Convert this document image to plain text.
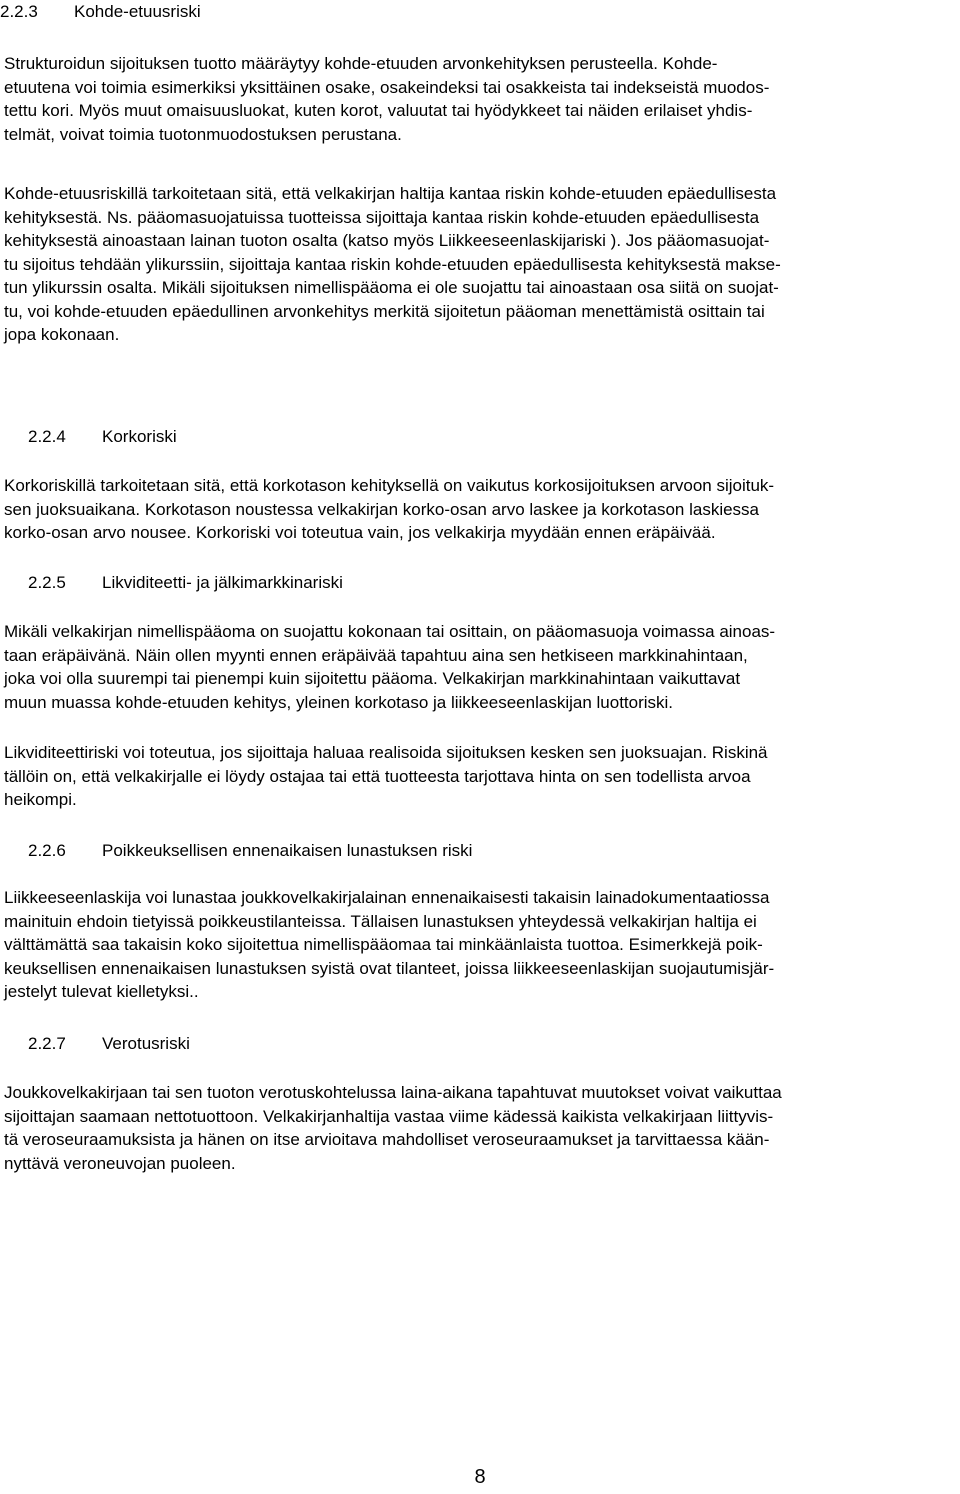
2.2.3 Kohde-etuusriski

Strukturoidun sijoituksen tuotto määräytyy kohde-etuuden arvonkehityksen perusteella. Kohde-
etuutena voi toimia esimerkiksi yksittäinen osake, osakeindeksi tai osakkeista tai indekseistä muodos-
tettu kori. Myös muut omaisuusluokat, kuten korot, valuutat tai hyödykkeet tai näiden erilaiset yhdis-
telmät, voivat toimia tuotonmuodostuksen perustana.

Kohde-etuusriskillä tarkoitetaan sitä, että velkakirjan haltija kantaa riskin kohde-etuuden epäedullisesta
kehityksestä. Ns. pääomasuojatuissa tuotteissa sijoittaja kantaa riskin kohde-etuuden epäedullisesta
kehityksestä ainoastaan lainan tuoton osalta (katso myös Liikkeeseenlaskijariski ). Jos pääomasuojat-
tu sijoitus tehdään ylikurssiin, sijoittaja kantaa riskin kohde-etuuden epäedullisesta kehityksestä makse-
tun ylikurssin osalta. Mikäli sijoituksen nimellispääoma ei ole suojattu tai ainoastaan osa siitä on suojat-
tu, voi kohde-etuuden epäedullinen arvonkehitys merkitä sijoitetun pääoman menettämistä osittain tai
jopa kokonaan.

2.2.4 Korkoriski

Korkoriskillä tarkoitetaan sitä, että korkotason kehityksellä on vaikutus korkosijoituksen arvoon sijoituk-
sen juoksuaikana. Korkotason noustessa velkakirjan korko-osan arvo laskee ja korkotason laskiessa
korko-osan arvo nousee. Korkoriski voi toteutua vain, jos velkakirja myydään ennen eräpäivää.

2.2.5 Likviditeetti- ja jälkimarkkinariski

Mikäli velkakirjan nimellispääoma on suojattu kokonaan tai osittain, on pääomasuoja voimassa ainoas-
taan eräpäivänä. Näin ollen myynti ennen eräpäivää tapahtuu aina sen hetkiseen markkinahintaan,
joka voi olla suurempi tai pienempi kuin sijoitettu pääoma. Velkakirjan markkinahintaan vaikuttavat
muun muassa kohde-etuuden kehitys, yleinen korkotaso ja liikkeeseenlaskijan luottoriski.

Likviditeettiriski voi toteutua, jos sijoittaja haluaa realisoida sijoituksen kesken sen juoksuajan. Riskinä
tällöin on, että velkakirjalle ei löydy ostajaa tai että tuotteesta tarjottava hinta on sen todellista arvoa
heikompi.

2.2.6 Poikkeuksellisen ennenaikaisen lunastuksen riski

Liikkeeseenlaskija voi lunastaa joukkovelkakirjalainan ennenaikaisesti takaisin lainadokumentaatiossa
mainituin ehdoin tietyissä poikkeustilanteissa. Tällaisen lunastuksen yhteydessä velkakirjan haltija ei
välttämättä saa takaisin koko sijoitettua nimellispääomaa tai minkäänlaista tuottoa. Esimerkkejä poik-
keuksellisen ennenaikaisen lunastuksen syistä ovat tilanteet, joissa liikkeeseenlaskijan suojautumisjär-
jestelyt tulevat kielletyksi..

2.2.7 Verotusriski

Joukkovelkakirjaan tai sen tuoton verotuskohtelussa laina-aikana tapahtuvat muutokset voivat vaikuttaa
sijoittajan saamaan nettotuottoon. Velkakirjanhaltija vastaa viime kädessä kaikista velkakirjaan liittyvis-
tä veroseuraamuksista ja hänen on itse arvioitava mahdolliset veroseuraamukset ja tarvittaessa kään-
nyttävä veroneuvojan puoleen.

8
